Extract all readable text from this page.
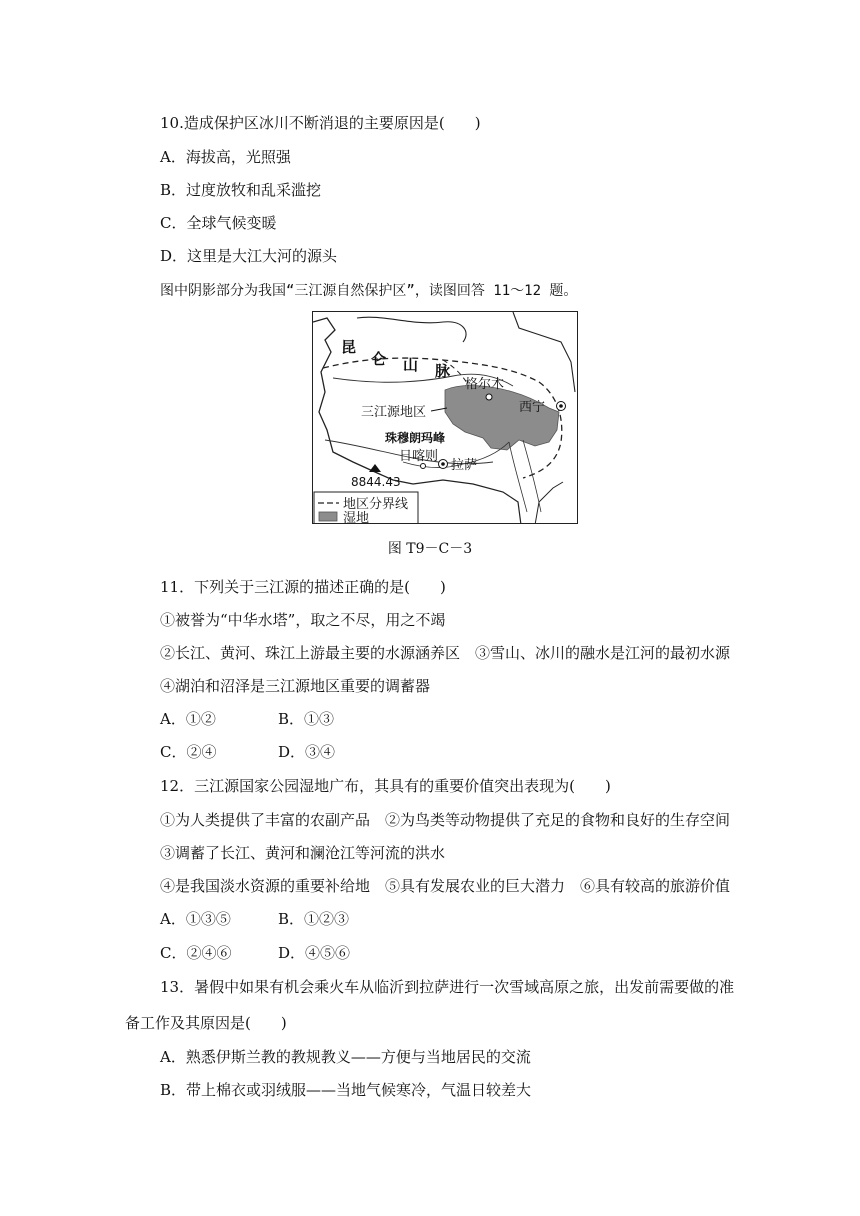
10.造成保护区冰川不断消退的主要原因是(　　)
A．海拔高，光照强
B．过度放牧和乱采滥挖
C．全球气候变暖
D．这里是大江大河的源头
图中阴影部分为我国“三江源自然保护区”，读图回答 11～12 题。
昆
仑 山 脉
格尔木
西宁
三江源地区
珠穆朗玛峰
日喀则
拉萨
8844.43
地区分界线
湿地
图 T9－C－3
11．下列关于三江源的描述正确的是(　　)
①被誉为“中华水塔”，取之不尽，用之不竭
②长江、黄河、珠江上游最主要的水源涵养区　③雪山、冰川的融水是江河的最初水源
④湖泊和沼泽是三江源地区重要的调蓄器
A．①②	B．①③
C．②④	D．③④
12．三江源国家公园湿地广布，其具有的重要价值突出表现为(　　)
①为人类提供了丰富的农副产品　②为鸟类等动物提供了充足的食物和良好的生存空间
③调蓄了长江、黄河和澜沧江等河流的洪水
④是我国淡水资源的重要补给地　⑤具有发展农业的巨大潜力　⑥具有较高的旅游价值
A．①③⑤	B．①②③
C．②④⑥	D．④⑤⑥
13．暑假中如果有机会乘火车从临沂到拉萨进行一次雪域高原之旅，出发前需要做的准
备工作及其原因是(　　)
A．熟悉伊斯兰教的教规教义——方便与当地居民的交流
B．带上棉衣或羽绒服——当地气候寒冷，气温日较差大
